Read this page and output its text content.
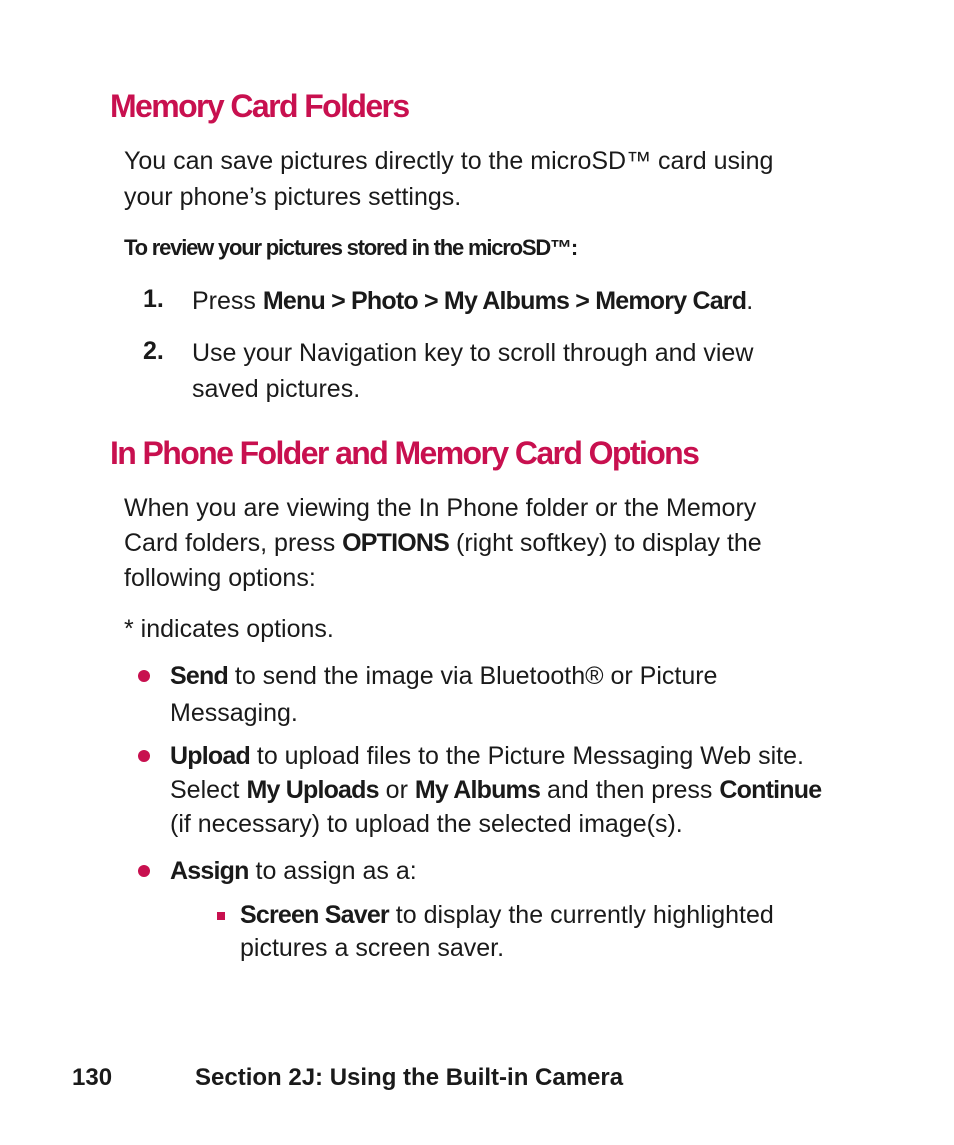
Memory Card Folders
You can save pictures directly to the microSD™ card using
your phone’s pictures settings.
To review your pictures stored in the microSD™:
1. Press Menu > Photo > My Albums > Memory Card.
2. Use your Navigation key to scroll through and view
saved pictures.
In Phone Folder and Memory Card Options
When you are viewing the In Phone folder or the Memory
Card folders, press OPTIONS (right softkey) to display the
following options:
* indicates options.
Send to send the image via Bluetooth® or Picture
Messaging.
Upload to upload files to the Picture Messaging Web site.
Select My Uploads or My Albums and then press Continue
(if necessary) to upload the selected image(s).
Assign to assign as a:
Screen Saver to display the currently highlighted
pictures a screen saver.
130	Section 2J: Using the Built-in Camera
